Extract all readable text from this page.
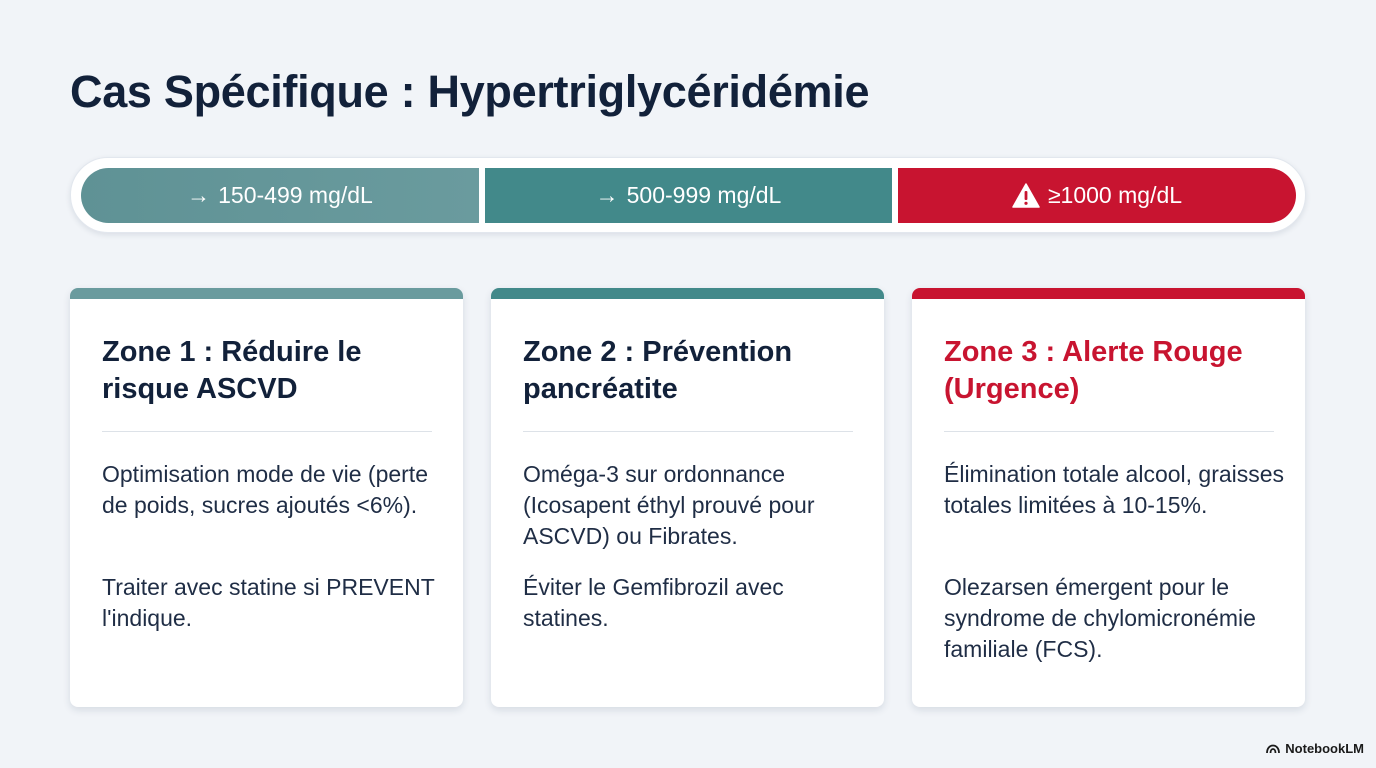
Cas Spécifique : Hypertriglycéridémie
→ 150-499 mg/dL	→ 500-999 mg/dL	≥1000 mg/dL
Zone 1 : Réduire le risque ASCVD

Optimisation mode de vie (perte de poids, sucres ajoutés <6%).

Traiter avec statine si PREVENT l'indique.

Zone 2 : Prévention pancréatite

Oméga-3 sur ordonnance (Icosapent éthyl prouvé pour ASCVD) ou Fibrates.

Éviter le Gemfibrozil avec statines.

Zone 3 : Alerte Rouge (Urgence)

Élimination totale alcool, graisses totales limitées à 10-15%.

Olezarsen émergent pour le syndrome de chylomicronémie familiale (FCS).

NotebookLM
